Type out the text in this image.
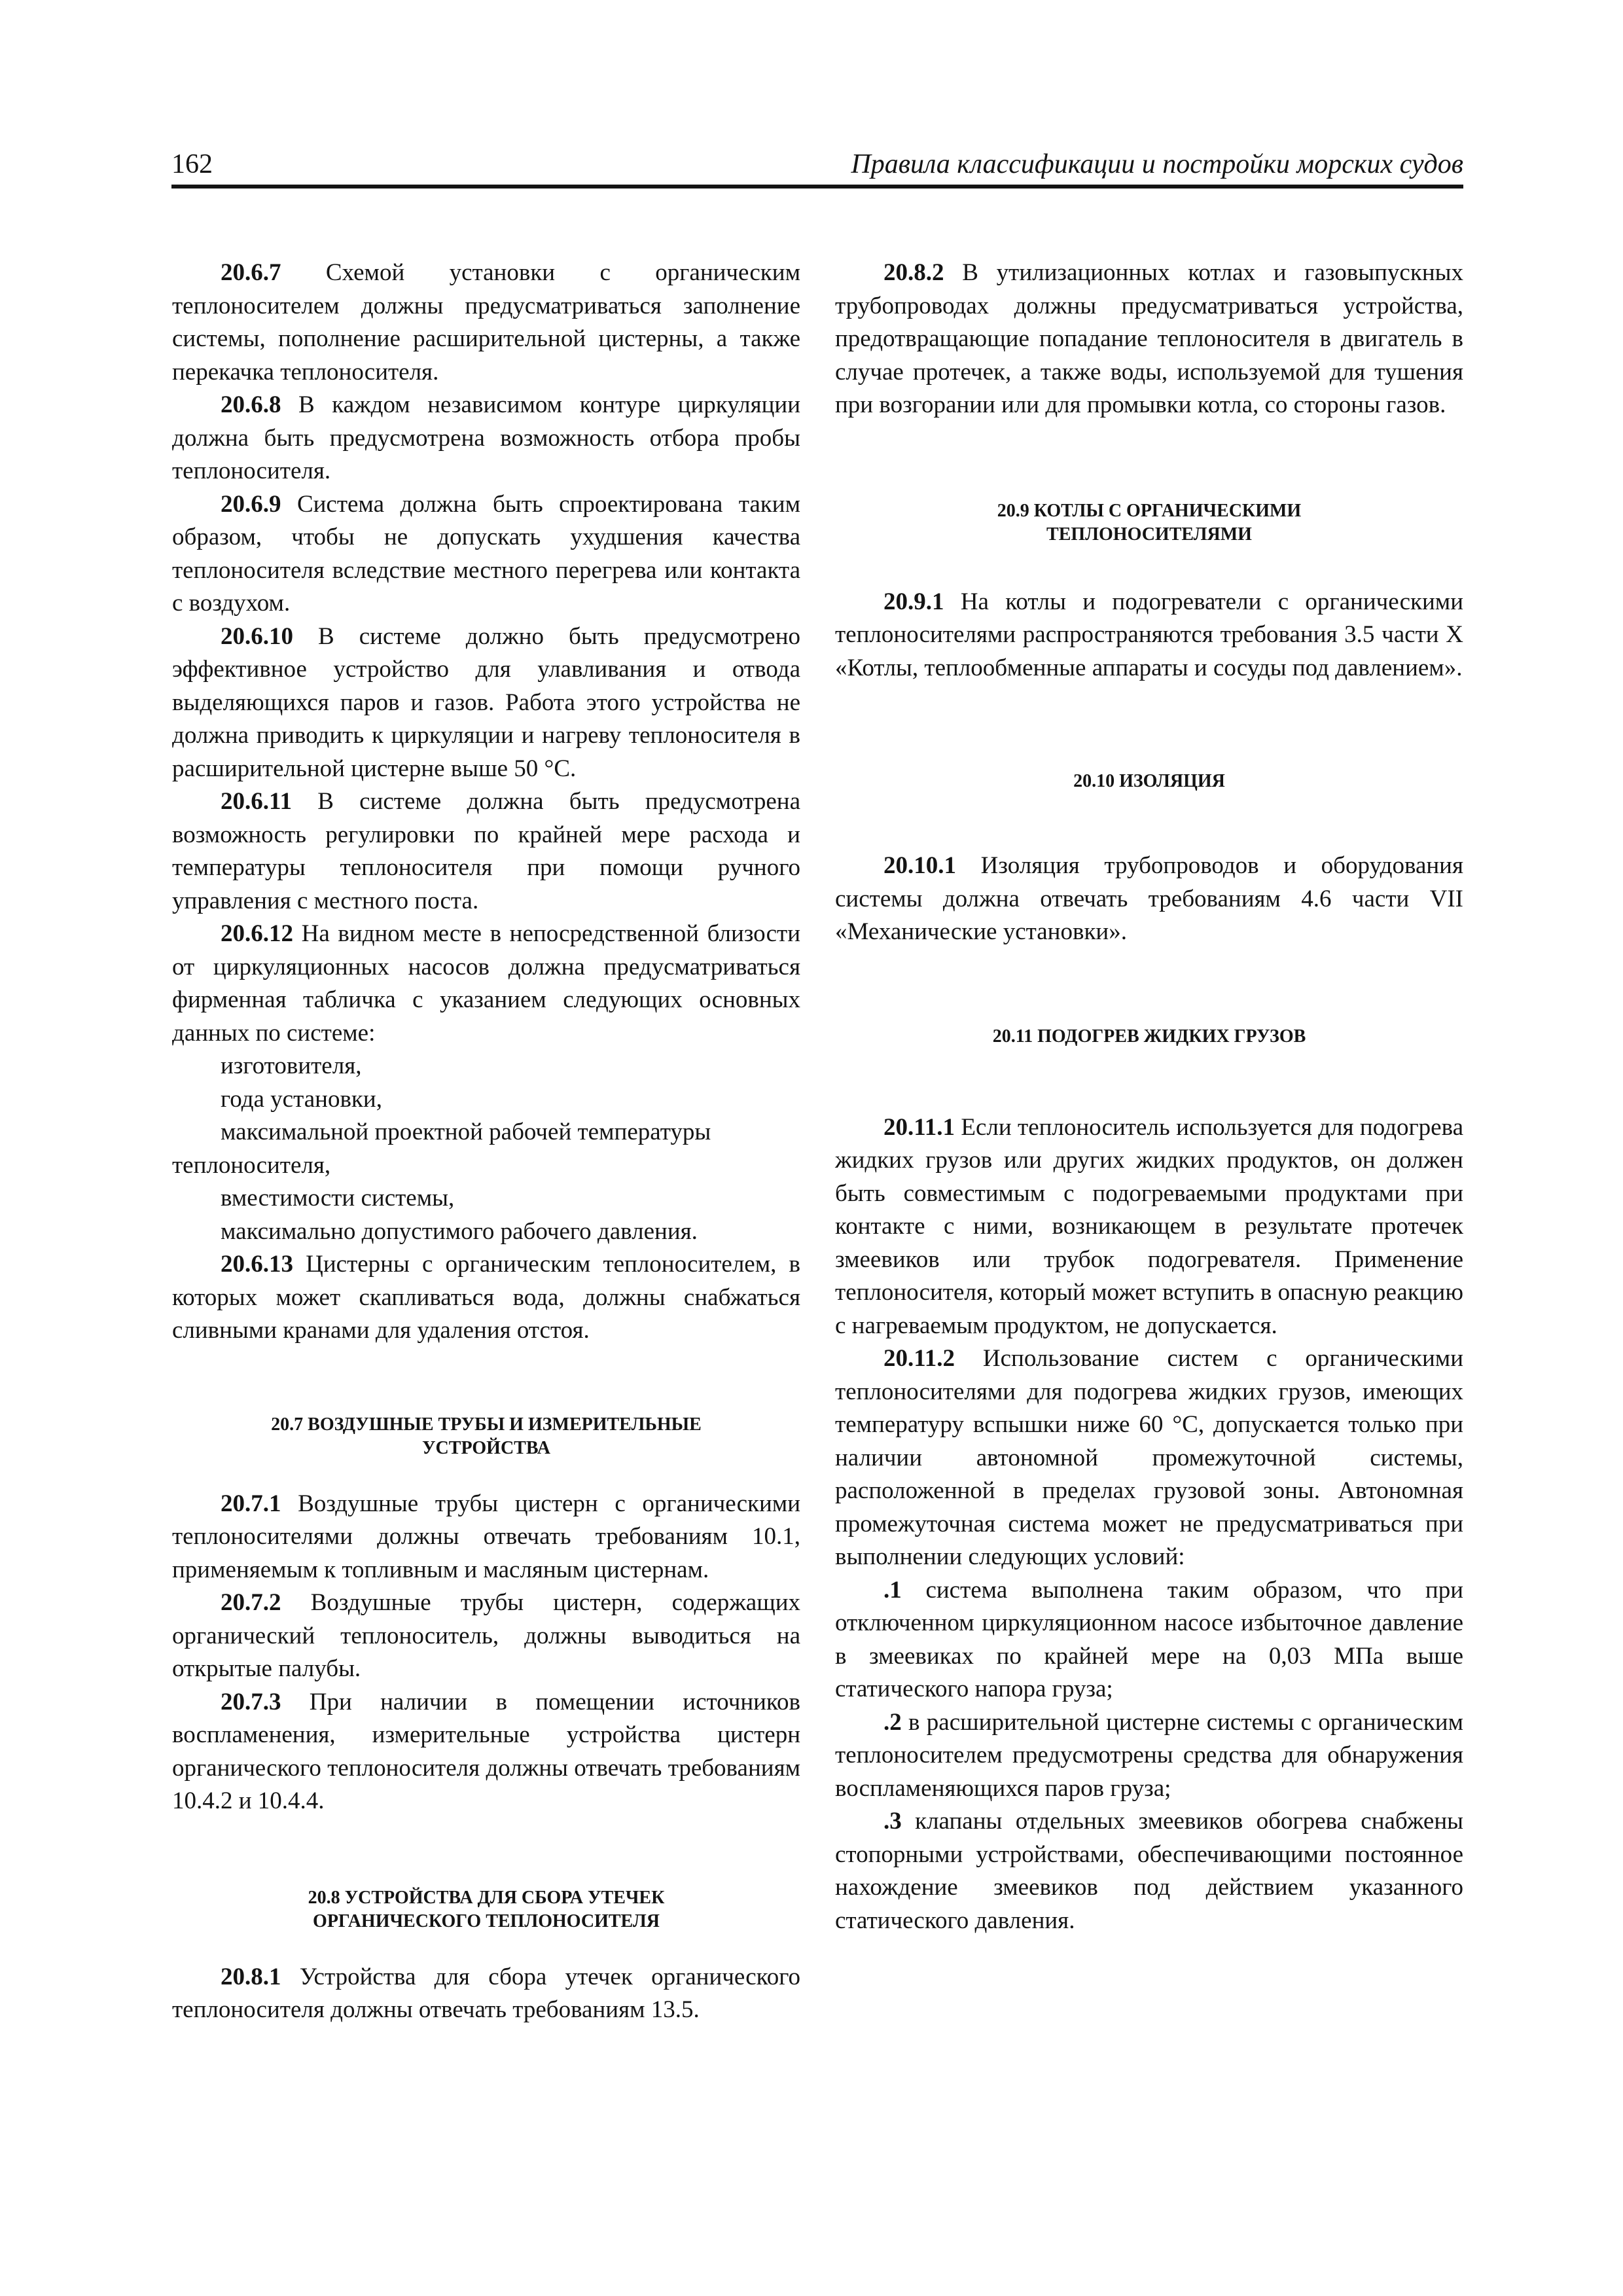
162	Правила классификации и постройки морских судов

20.6.7 Схемой установки с органическим теплоносителем должны предусматриваться заполнение системы, пополнение расширительной цистерны, а также перекачка теплоносителя.

20.6.8 В каждом независимом контуре циркуляции должна быть предусмотрена возможность отбора пробы теплоносителя.

20.6.9 Система должна быть спроектирована таким образом, чтобы не допускать ухудшения качества теплоносителя вследствие местного перегрева или контакта с воздухом.

20.6.10 В системе должно быть предусмотрено эффективное устройство для улавливания и отвода выделяющихся паров и газов. Работа этого устройства не должна приводить к циркуляции и нагреву теплоносителя в расширительной цистерне выше 50 °С.

20.6.11 В системе должна быть предусмотрена возможность регулировки по крайней мере расхода и температуры теплоносителя при помощи ручного управления с местного поста.

20.6.12 На видном месте в непосредственной близости от циркуляционных насосов должна предусматриваться фирменная табличка с указанием следующих основных данных по системе:

изготовителя,

года установки,

максимальной проектной рабочей температуры

теплоносителя,

вместимости системы,

максимально допустимого рабочего давления.

20.6.13 Цистерны с органическим теплоносителем, в которых может скапливаться вода, должны снабжаться сливными кранами для удаления отстоя.

20.7 ВОЗДУШНЫЕ ТРУБЫ И ИЗМЕРИТЕЛЬНЫЕ
УСТРОЙСТВА

20.7.1 Воздушные трубы цистерн с органическими теплоносителями должны отвечать требованиям 10.1, применяемым к топливным и масляным цистернам.

20.7.2 Воздушные трубы цистерн, содержащих органический теплоноситель, должны выводиться на открытые палубы.

20.7.3 При наличии в помещении источников воспламенения, измерительные устройства цистерн органического теплоносителя должны отвечать требованиям 10.4.2 и 10.4.4.

20.8 УСТРОЙСТВА ДЛЯ СБОРА УТЕЧЕК
ОРГАНИЧЕСКОГО ТЕПЛОНОСИТЕЛЯ

20.8.1 Устройства для сбора утечек органического теплоносителя должны отвечать требованиям 13.5.

20.8.2 В утилизационных котлах и газовыпускных трубопроводах должны предусматриваться устройства, предотвращающие попадание теплоносителя в двигатель в случае протечек, а также воды, используемой для тушения при возгорании или для промывки котла, со стороны газов.

20.9 КОТЛЫ С ОРГАНИЧЕСКИМИ
ТЕПЛОНОСИТЕЛЯМИ

20.9.1 На котлы и подогреватели с органическими теплоносителями распространяются требования 3.5 части X «Котлы, теплообменные аппараты и сосуды под давлением».

20.10 ИЗОЛЯЦИЯ

20.10.1 Изоляция трубопроводов и оборудования системы должна отвечать требованиям 4.6 части VII «Механические установки».

20.11 ПОДОГРЕВ ЖИДКИХ ГРУЗОВ

20.11.1 Если теплоноситель используется для подогрева жидких грузов или других жидких продуктов, он должен быть совместимым с подогреваемыми продуктами при контакте с ними, возникающем в результате протечек змеевиков или трубок подогревателя. Применение теплоносителя, который может вступить в опасную реакцию с нагреваемым продуктом, не допускается.

20.11.2 Использование систем с органическими теплоносителями для подогрева жидких грузов, имеющих температуру вспышки ниже 60 °С, допускается только при наличии автономной промежуточной системы, расположенной в пределах грузовой зоны. Автономная промежуточная система может не предусматриваться при выполнении следующих условий:

.1 система выполнена таким образом, что при отключенном циркуляционном насосе избыточное давление в змеевиках по крайней мере на 0,03 МПа выше статического напора груза;

.2 в расширительной цистерне системы с органическим теплоносителем предусмотрены средства для обнаружения воспламеняющихся паров груза;

.3 клапаны отдельных змеевиков обогрева снабжены стопорными устройствами, обеспечивающими постоянное нахождение змеевиков под действием указанного статического давления.
